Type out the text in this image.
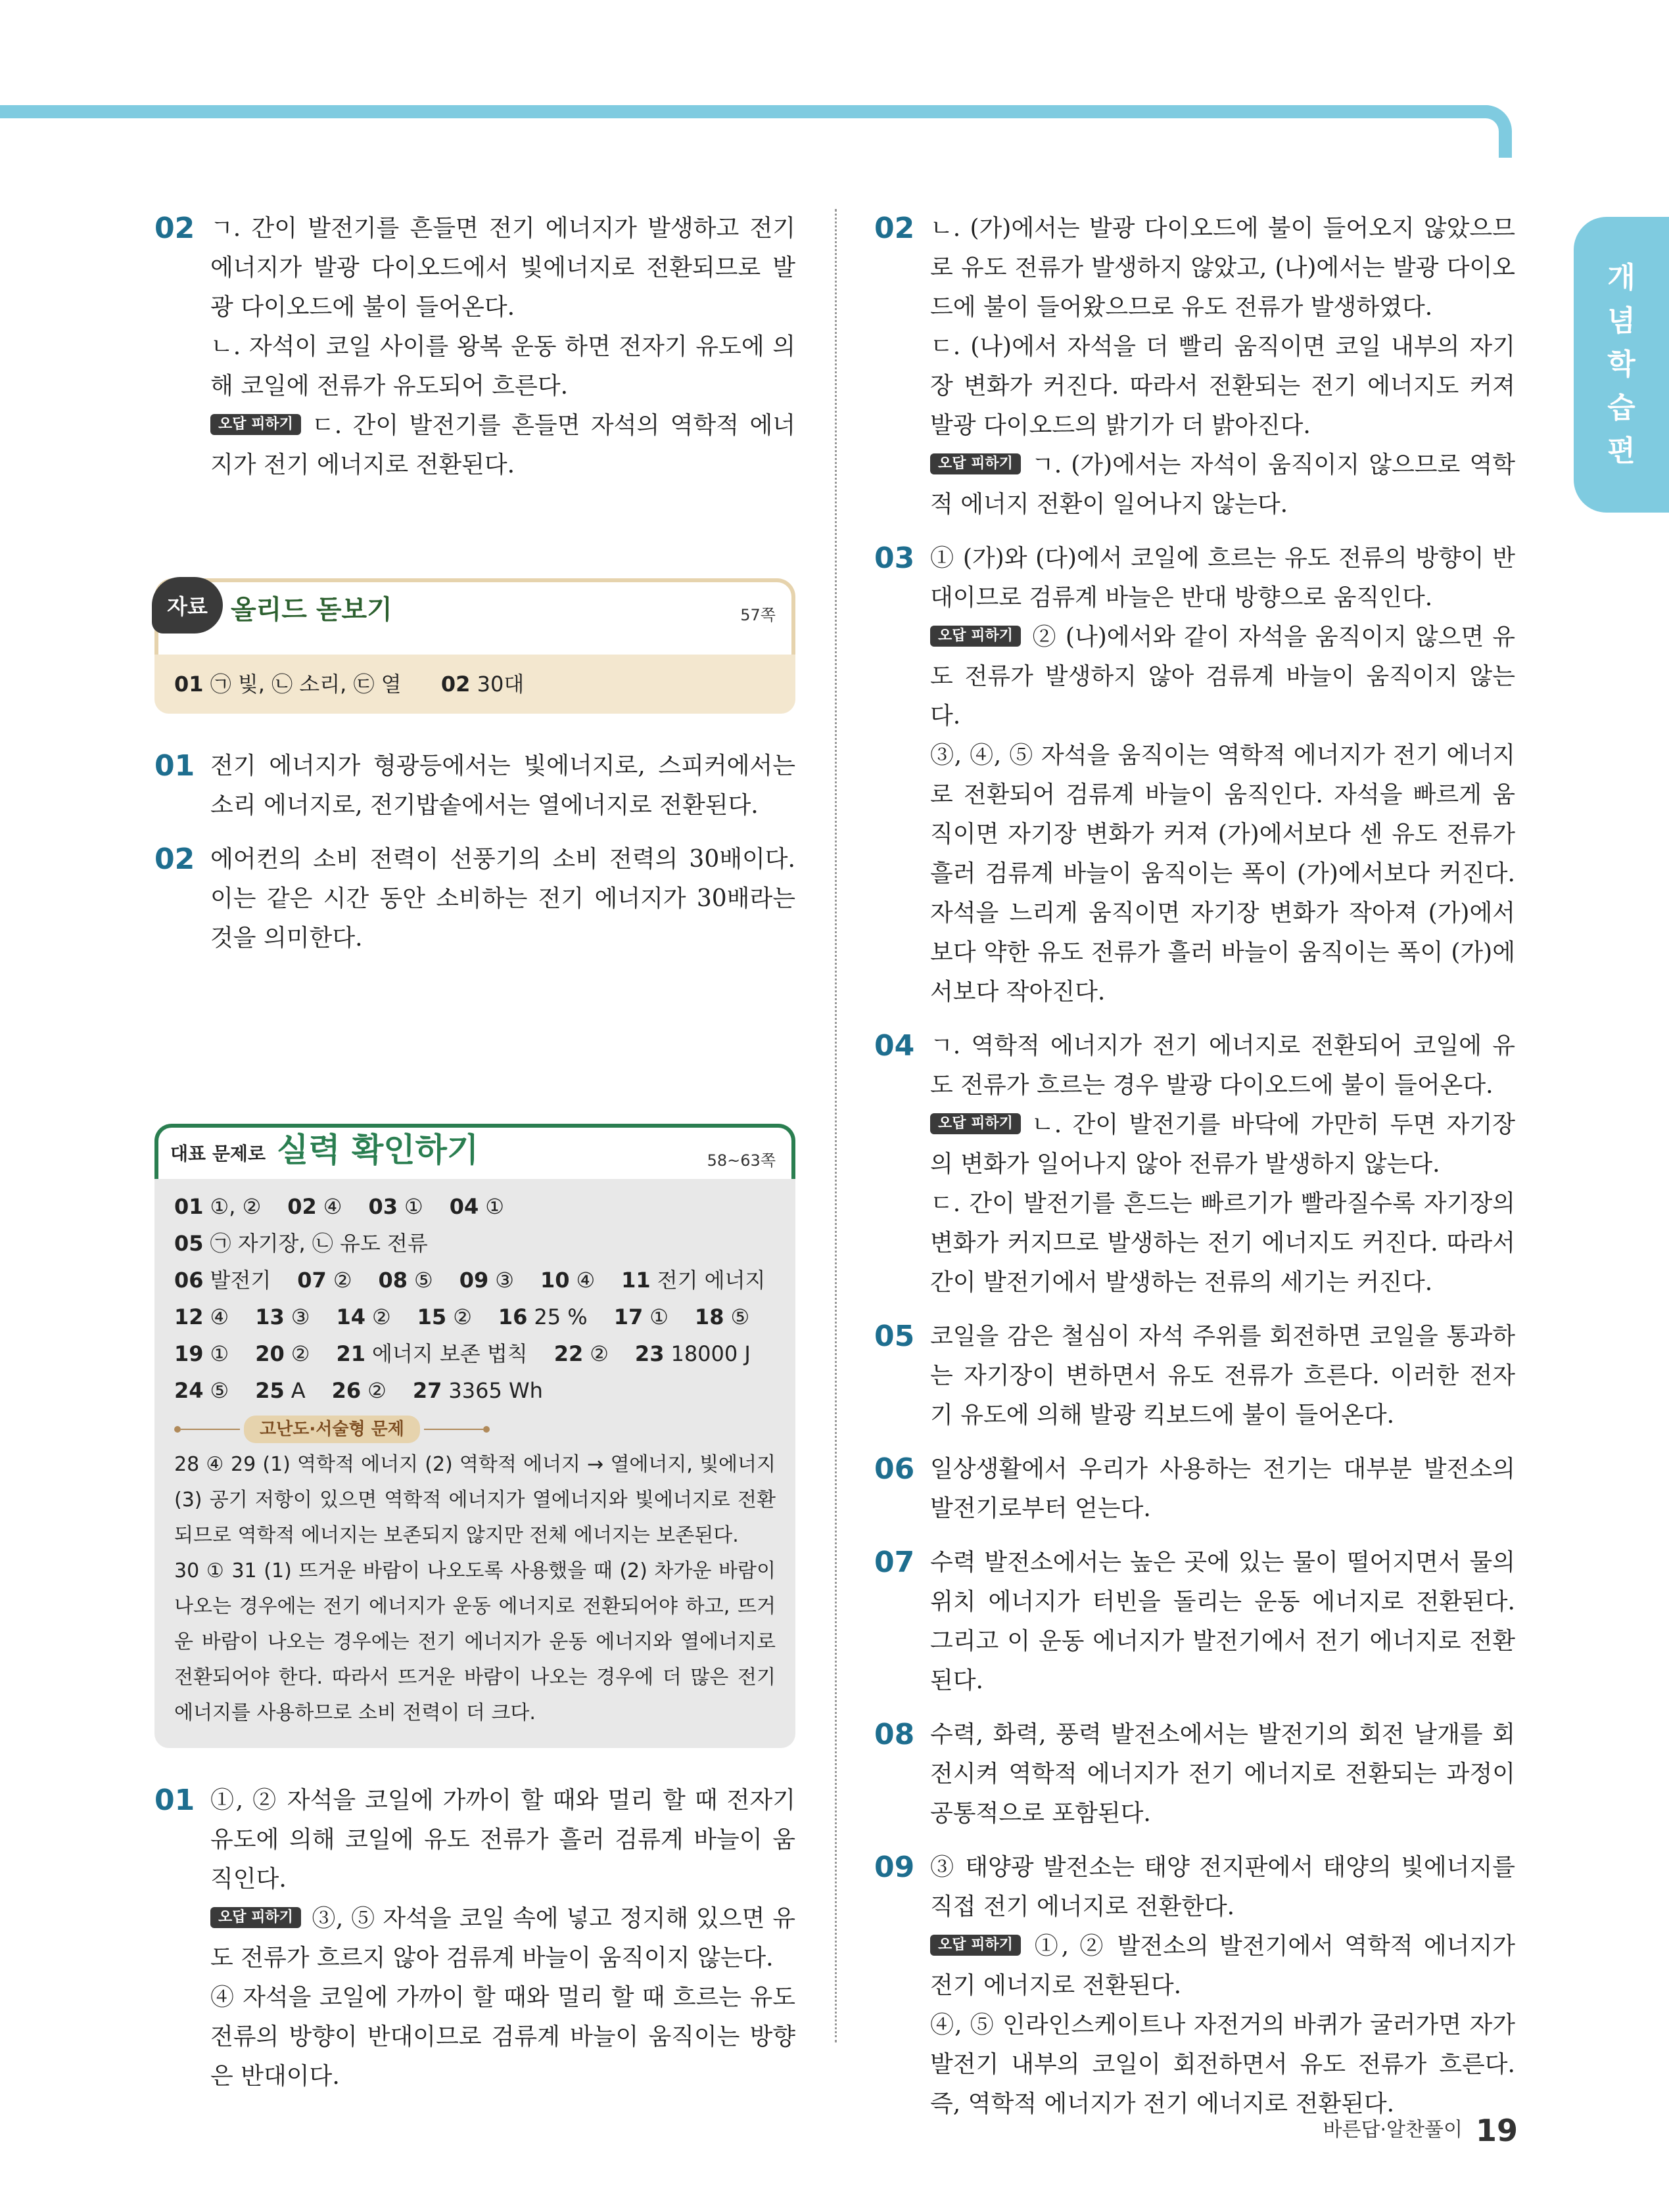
개
념
학
습
편
02 ㄱ. 간이 발전기를 흔들면 전기 에너지가 발생하고 전기 에너지가 발광 다이오드에서 빛에너지로 전환되므로 발광 다이오드에 불이 들어온다.

ㄴ. 자석이 코일 사이를 왕복 운동 하면 전자기 유도에 의해 코일에 전류가 유도되어 흐른다.

오답 피하기 ㄷ. 간이 발전기를 흔들면 자석의 역학적 에너지가 전기 에너지로 전환된다.

자료 올리드 돋보기	57쪽
01 ㉠ 빛, ㉡ 소리, ㉢ 열 02 30대
01 전기 에너지가 형광등에서는 빛에너지로, 스피커에서는 소리 에너지로, 전기밥솥에서는 열에너지로 전환된다.

02 에어컨의 소비 전력이 선풍기의 소비 전력의 30배이다. 이는 같은 시간 동안 소비하는 전기 에너지가 30배라는 것을 의미한다.

대표 문제로 실력 확인하기	58~63쪽
01 ①, ② 02 ④ 03 ① 04 ①
05 ㉠ 자기장, ㉡ 유도 전류
06 발전기 07 ② 08 ⑤ 09 ③ 10 ④ 11 전기 에너지
12 ④ 13 ③ 14 ② 15 ② 16 25 % 17 ① 18 ⑤
19 ① 20 ② 21 에너지 보존 법칙 22 ② 23 18000 J
24 ⑤ 25 A 26 ② 27 3365 Wh
고난도·서술형 문제

28 ④ 29 (1) 역학적 에너지 (2) 역학적 에너지 → 열에너지, 빛에너지 (3) 공기 저항이 있으면 역학적 에너지가 열에너지와 빛에너지로 전환되므로 역학적 에너지는 보존되지 않지만 전체 에너지는 보존된다.

30 ① 31 (1) 뜨거운 바람이 나오도록 사용했을 때 (2) 차가운 바람이 나오는 경우에는 전기 에너지가 운동 에너지로 전환되어야 하고, 뜨거운 바람이 나오는 경우에는 전기 에너지가 운동 에너지와 열에너지로 전환되어야 한다. 따라서 뜨거운 바람이 나오는 경우에 더 많은 전기 에너지를 사용하므로 소비 전력이 더 크다.

01 ①, ② 자석을 코일에 가까이 할 때와 멀리 할 때 전자기 유도에 의해 코일에 유도 전류가 흘러 검류계 바늘이 움직인다.

오답 피하기 ③, ⑤ 자석을 코일 속에 넣고 정지해 있으면 유도 전류가 흐르지 않아 검류계 바늘이 움직이지 않는다.

④ 자석을 코일에 가까이 할 때와 멀리 할 때 흐르는 유도 전류의 방향이 반대이므로 검류계 바늘이 움직이는 방향은 반대이다.

02 ㄴ. (가)에서는 발광 다이오드에 불이 들어오지 않았으므로 유도 전류가 발생하지 않았고, (나)에서는 발광 다이오드에 불이 들어왔으므로 유도 전류가 발생하였다.

ㄷ. (나)에서 자석을 더 빨리 움직이면 코일 내부의 자기장 변화가 커진다. 따라서 전환되는 전기 에너지도 커져 발광 다이오드의 밝기가 더 밝아진다.

오답 피하기 ㄱ. (가)에서는 자석이 움직이지 않으므로 역학적 에너지 전환이 일어나지 않는다.

03 ① (가)와 (다)에서 코일에 흐르는 유도 전류의 방향이 반대이므로 검류계 바늘은 반대 방향으로 움직인다.

오답 피하기 ② (나)에서와 같이 자석을 움직이지 않으면 유도 전류가 발생하지 않아 검류계 바늘이 움직이지 않는다.

③, ④, ⑤ 자석을 움직이는 역학적 에너지가 전기 에너지로 전환되어 검류계 바늘이 움직인다. 자석을 빠르게 움직이면 자기장 변화가 커져 (가)에서보다 센 유도 전류가 흘러 검류계 바늘이 움직이는 폭이 (가)에서보다 커진다. 자석을 느리게 움직이면 자기장 변화가 작아져 (가)에서보다 약한 유도 전류가 흘러 바늘이 움직이는 폭이 (가)에서보다 작아진다.

04 ㄱ. 역학적 에너지가 전기 에너지로 전환되어 코일에 유도 전류가 흐르는 경우 발광 다이오드에 불이 들어온다.

오답 피하기 ㄴ. 간이 발전기를 바닥에 가만히 두면 자기장의 변화가 일어나지 않아 전류가 발생하지 않는다.

ㄷ. 간이 발전기를 흔드는 빠르기가 빨라질수록 자기장의 변화가 커지므로 발생하는 전기 에너지도 커진다. 따라서 간이 발전기에서 발생하는 전류의 세기는 커진다.

05 코일을 감은 철심이 자석 주위를 회전하면 코일을 통과하는 자기장이 변하면서 유도 전류가 흐른다. 이러한 전자기 유도에 의해 발광 킥보드에 불이 들어온다.

06 일상생활에서 우리가 사용하는 전기는 대부분 발전소의 발전기로부터 얻는다.

07 수력 발전소에서는 높은 곳에 있는 물이 떨어지면서 물의 위치 에너지가 터빈을 돌리는 운동 에너지로 전환된다. 그리고 이 운동 에너지가 발전기에서 전기 에너지로 전환된다.

08 수력, 화력, 풍력 발전소에서는 발전기의 회전 날개를 회전시켜 역학적 에너지가 전기 에너지로 전환되는 과정이 공통적으로 포함된다.

09 ③ 태양광 발전소는 태양 전지판에서 태양의 빛에너지를 직접 전기 에너지로 전환한다.

오답 피하기 ①, ② 발전소의 발전기에서 역학적 에너지가 전기 에너지로 전환된다.

④, ⑤ 인라인스케이트나 자전거의 바퀴가 굴러가면 자가발전기 내부의 코일이 회전하면서 유도 전류가 흐른다. 즉, 역학적 에너지가 전기 에너지로 전환된다.

바른답·알찬풀이 19
